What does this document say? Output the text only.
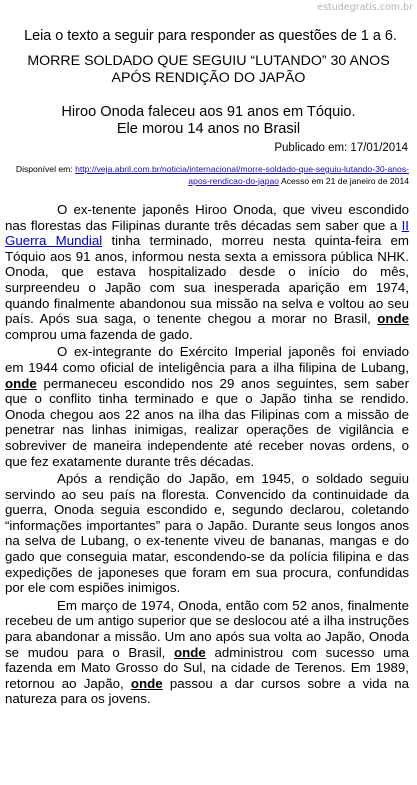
estudegratis.com.br
Leia o texto a seguir para responder as questões de 1 a 6.
MORRE SOLDADO QUE SEGUIU “LUTANDO” 30 ANOS APÓS RENDIÇÃO DO JAPÃO
Hiroo Onoda faleceu aos 91 anos em Tóquio.
Ele morou 14 anos no Brasil
Publicado em: 17/01/2014
Disponível em: http://veja.abril.com.br/noticia/internacional/morre-soldado-que-seguiu-lutando-30-anos-apos-rendicao-do-japao Acesso em 21 de janeiro de 2014

O ex-tenente japonês Hiroo Onoda, que viveu escondido nas florestas das Filipinas durante três décadas sem saber que a II Guerra Mundial tinha terminado, morreu nesta quinta-feira em Tóquio aos 91 anos, informou nesta sexta a emissora pública NHK. Onoda, que estava hospitalizado desde o início do mês, surpreendeu o Japão com sua inesperada aparição em 1974, quando finalmente abandonou sua missão na selva e voltou ao seu país. Após sua saga, o tenente chegou a morar no Brasil, onde comprou uma fazenda de gado.

O ex-integrante do Exército Imperial japonês foi enviado em 1944 como oficial de inteligência para a ilha filipina de Lubang, onde permaneceu escondido nos 29 anos seguintes, sem saber que o conflito tinha terminado e que o Japão tinha se rendido. Onoda chegou aos 22 anos na ilha das Filipinas com a missão de penetrar nas linhas inimigas, realizar operações de vigilância e sobreviver de maneira independente até receber novas ordens, o que fez exatamente durante três décadas.

Após a rendição do Japão, em 1945, o soldado seguiu servindo ao seu país na floresta. Convencido da continuidade da guerra, Onoda seguia escondido e, segundo declarou, coletando “informações importantes” para o Japão. Durante seus longos anos na selva de Lubang, o ex-tenente viveu de bananas, mangas e do gado que conseguia matar, escondendo-se da polícia filipina e das expedições de japoneses que foram em sua procura, confundidas por ele com espiões inimigos.

Em março de 1974, Onoda, então com 52 anos, finalmente recebeu de um antigo superior que se deslocou até a ilha instruções para abandonar a missão. Um ano após sua volta ao Japão, Onoda se mudou para o Brasil, onde administrou com sucesso uma fazenda em Mato Grosso do Sul, na cidade de Terenos. Em 1989, retornou ao Japão, onde passou a dar cursos sobre a vida na natureza para os jovens.
